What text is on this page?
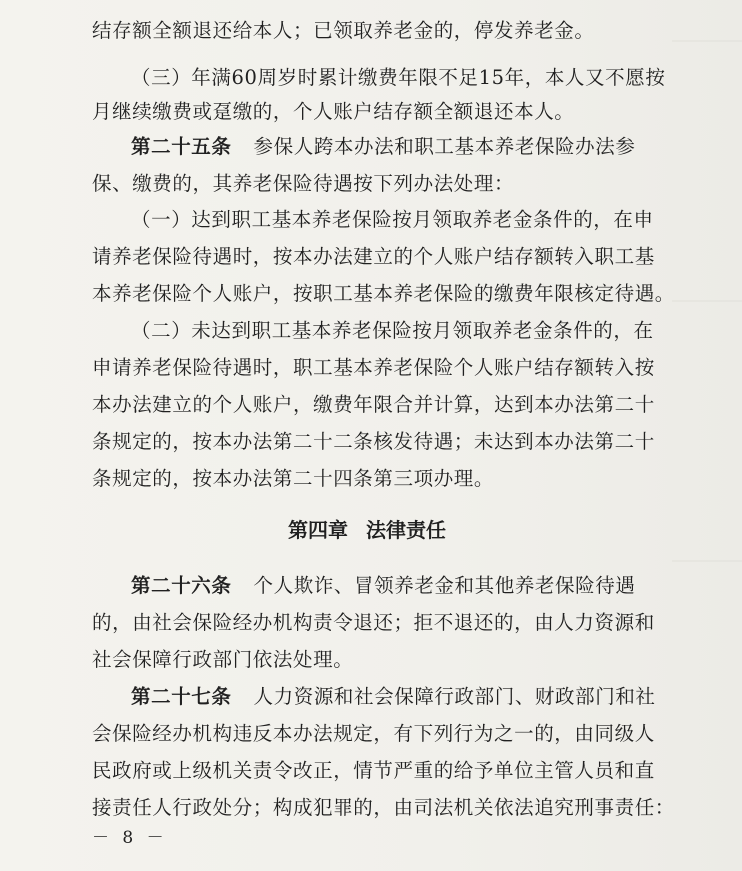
结存额全额退还给本人；已领取养老金的，停发养老金。
（三）年满60周岁时累计缴费年限不足15年，本人又不愿按
月继续缴费或趸缴的，个人账户结存额全额退还本人。
第二十五条 参保人跨本办法和职工基本养老保险办法参
保、缴费的，其养老保险待遇按下列办法处理：
（一）达到职工基本养老保险按月领取养老金条件的，在申
请养老保险待遇时，按本办法建立的个人账户结存额转入职工基
本养老保险个人账户，按职工基本养老保险的缴费年限核定待遇。
（二）未达到职工基本养老保险按月领取养老金条件的，在
申请养老保险待遇时，职工基本养老保险个人账户结存额转入按
本办法建立的个人账户，缴费年限合并计算，达到本办法第二十
条规定的，按本办法第二十二条核发待遇；未达到本办法第二十
条规定的，按本办法第二十四条第三项办理。
第四章 法律责任
第二十六条 个人欺诈、冒领养老金和其他养老保险待遇
的，由社会保险经办机构责令退还；拒不退还的，由人力资源和
社会保障行政部门依法处理。
第二十七条 人力资源和社会保障行政部门、财政部门和社
会保险经办机构违反本办法规定，有下列行为之一的，由同级人
民政府或上级机关责令改正，情节严重的给予单位主管人员和直
接责任人行政处分；构成犯罪的，由司法机关依法追究刑事责任：
－ 8 －
